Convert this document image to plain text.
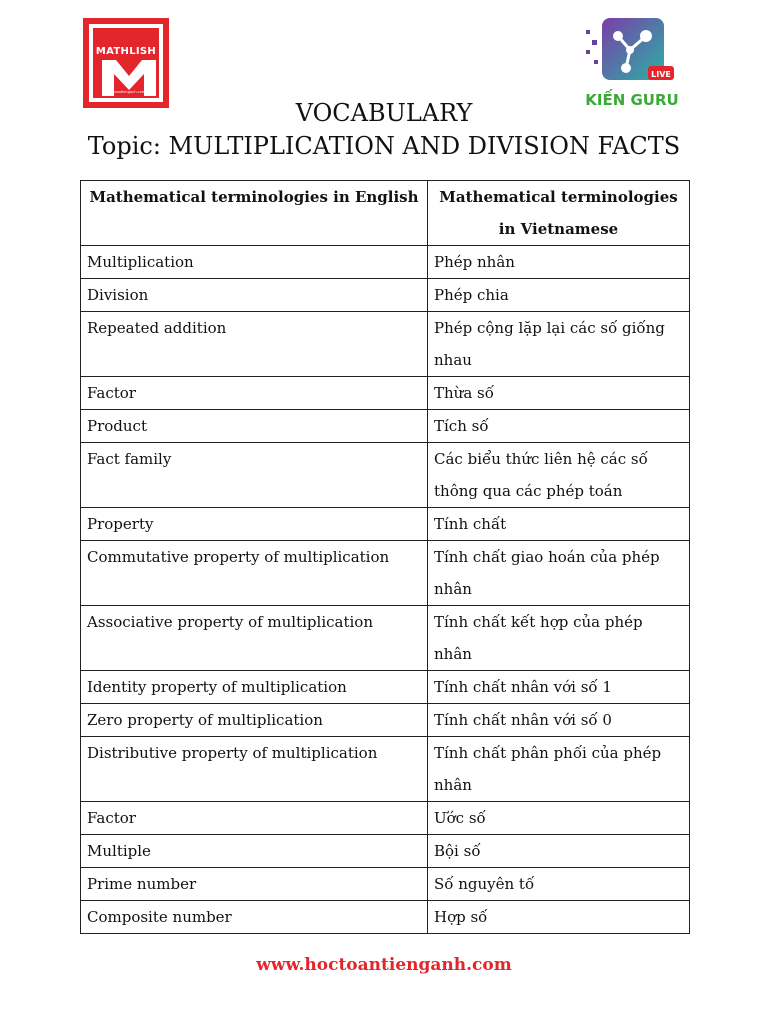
MATHLISH
hoctoantienganh.com
LIVE
KIẾN GURU
VOCABULARY
Topic: MULTIPLICATION AND DIVISION FACTS
Mathematical terminologies in English	Mathematical terminologies in Vietnamese
Multiplication	Phép nhân
Division	Phép chia
Repeated addition	Phép cộng lặp lại các số giống nhau
Factor	Thừa số
Product	Tích số
Fact family	Các biểu thức liên hệ các số thông qua các phép toán
Property	Tính chất
Commutative property of multiplication	Tính chất giao hoán của phép nhân
Associative property of multiplication	Tính chất kết hợp của phép nhân
Identity property of multiplication	Tính chất nhân với số 1
Zero property of multiplication	Tính chất nhân với số 0
Distributive property of multiplication	Tính chất phân phối của phép nhân
Factor	Ước số
Multiple	Bội số
Prime number	Số nguyên tố
Composite number	Hợp số
www.hoctoantienganh.com
